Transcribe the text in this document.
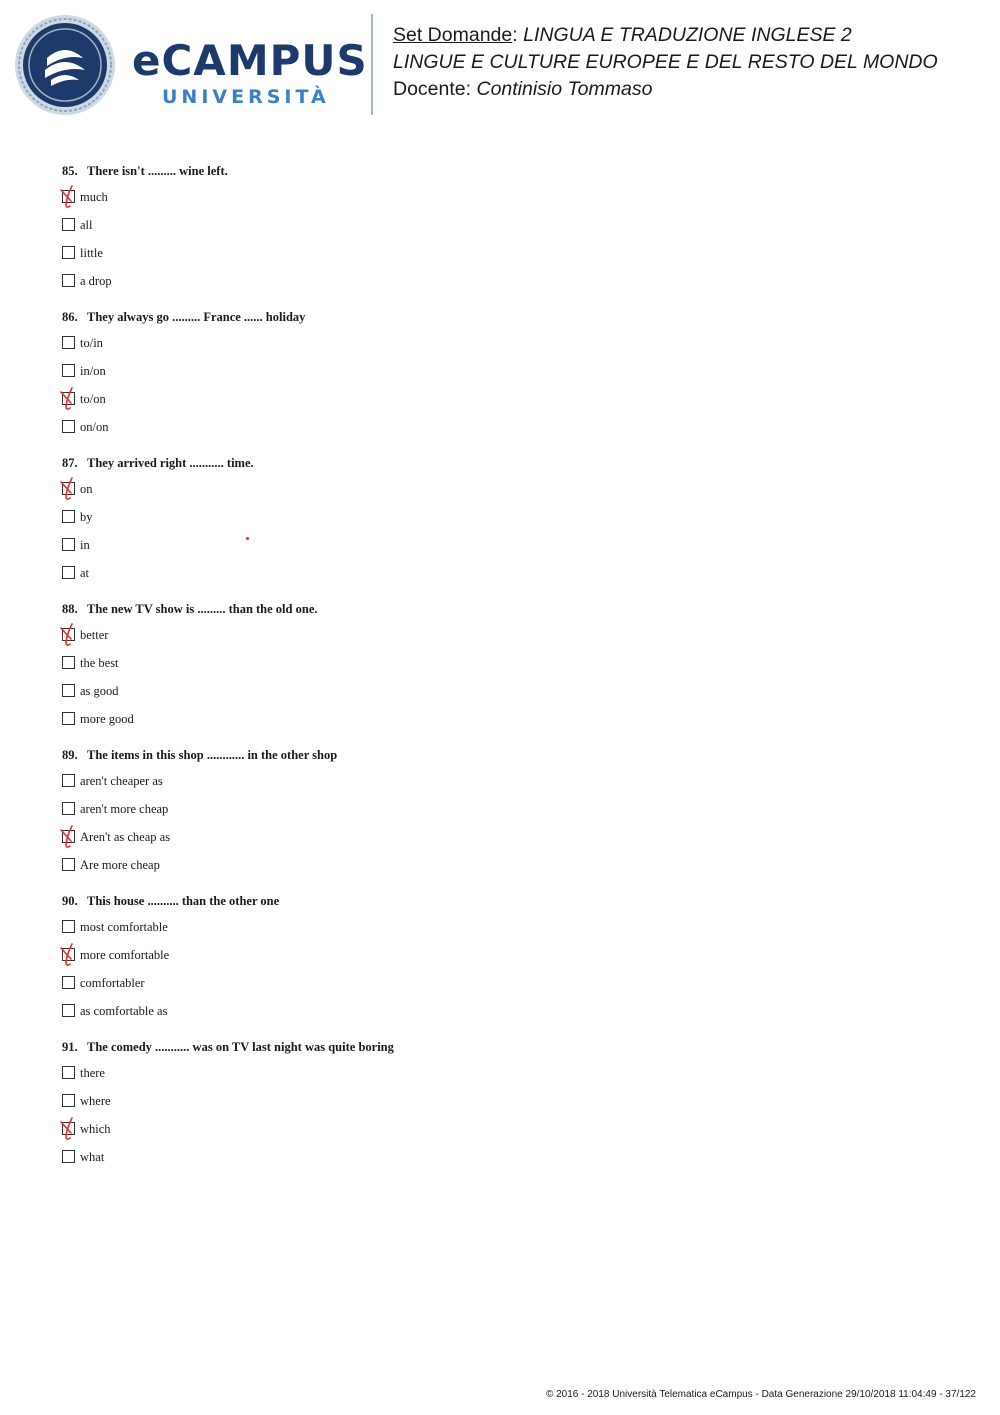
eCAMPUS
UNIVERSITÀ
Set Domande: LINGUA E TRADUZIONE INGLESE 2
LINGUE E CULTURE EUROPEE E DEL RESTO DEL MONDO
Docente: Continisio Tommaso
85. There isn't ......... wine left.
much
all
little
a drop
86. They always go ......... France ...... holiday
to/in
in/on
to/on
on/on
87. They arrived right ........... time.
on
by
in
at
88. The new TV show is ......... than the old one.
better
the best
as good
more good
89. The items in this shop ............ in the other shop
aren't cheaper as
aren't more cheap
Aren't as cheap as
Are more cheap
90. This house .......... than the other one
most comfortable
more comfortable
comfortabler
as comfortable as
91. The comedy ........... was on TV last night was quite boring
there
where
which
what
© 2016 - 2018 Università Telematica eCampus - Data Generazione 29/10/2018 11:04:49 - 37/122
